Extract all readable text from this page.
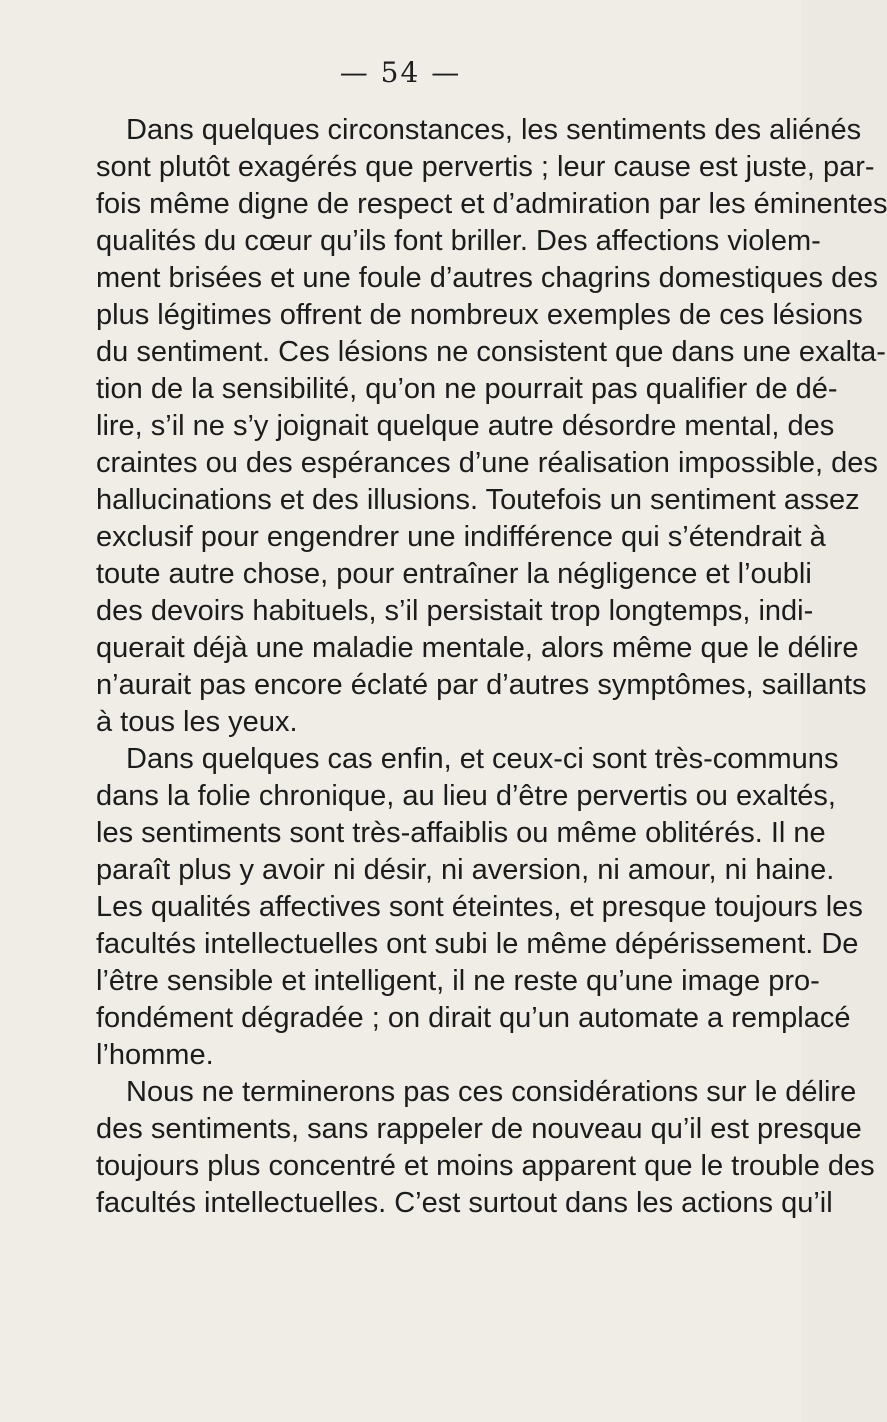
— 54 —
Dans quelques circonstances, les sentiments des aliénés
sont plutôt exagérés que pervertis ; leur cause est juste, par-
fois même digne de respect et d’admiration par les éminentes
qualités du cœur qu’ils font briller. Des affections violem-
ment brisées et une foule d’autres chagrins domestiques des
plus légitimes offrent de nombreux exemples de ces lésions
du sentiment. Ces lésions ne consistent que dans une exalta-
tion de la sensibilité, qu’on ne pourrait pas qualifier de dé-
lire, s’il ne s’y joignait quelque autre désordre mental, des
craintes ou des espérances d’une réalisation impossible, des
hallucinations et des illusions. Toutefois un sentiment assez
exclusif pour engendrer une indifférence qui s’étendrait à
toute autre chose, pour entraîner la négligence et l’oubli
des devoirs habituels, s’il persistait trop longtemps, indi-
querait déjà une maladie mentale, alors même que le délire
n’aurait pas encore éclaté par d’autres symptômes, saillants
à tous les yeux.
Dans quelques cas enfin, et ceux-ci sont très-communs
dans la folie chronique, au lieu d’être pervertis ou exaltés,
les sentiments sont très-affaiblis ou même oblitérés. Il ne
paraît plus y avoir ni désir, ni aversion, ni amour, ni haine.
Les qualités affectives sont éteintes, et presque toujours les
facultés intellectuelles ont subi le même dépérissement. De
l’être sensible et intelligent, il ne reste qu’une image pro-
fondément dégradée ; on dirait qu’un automate a remplacé
l’homme.
Nous ne terminerons pas ces considérations sur le délire
des sentiments, sans rappeler de nouveau qu’il est presque
toujours plus concentré et moins apparent que le trouble des
facultés intellectuelles. C’est surtout dans les actions qu’il
